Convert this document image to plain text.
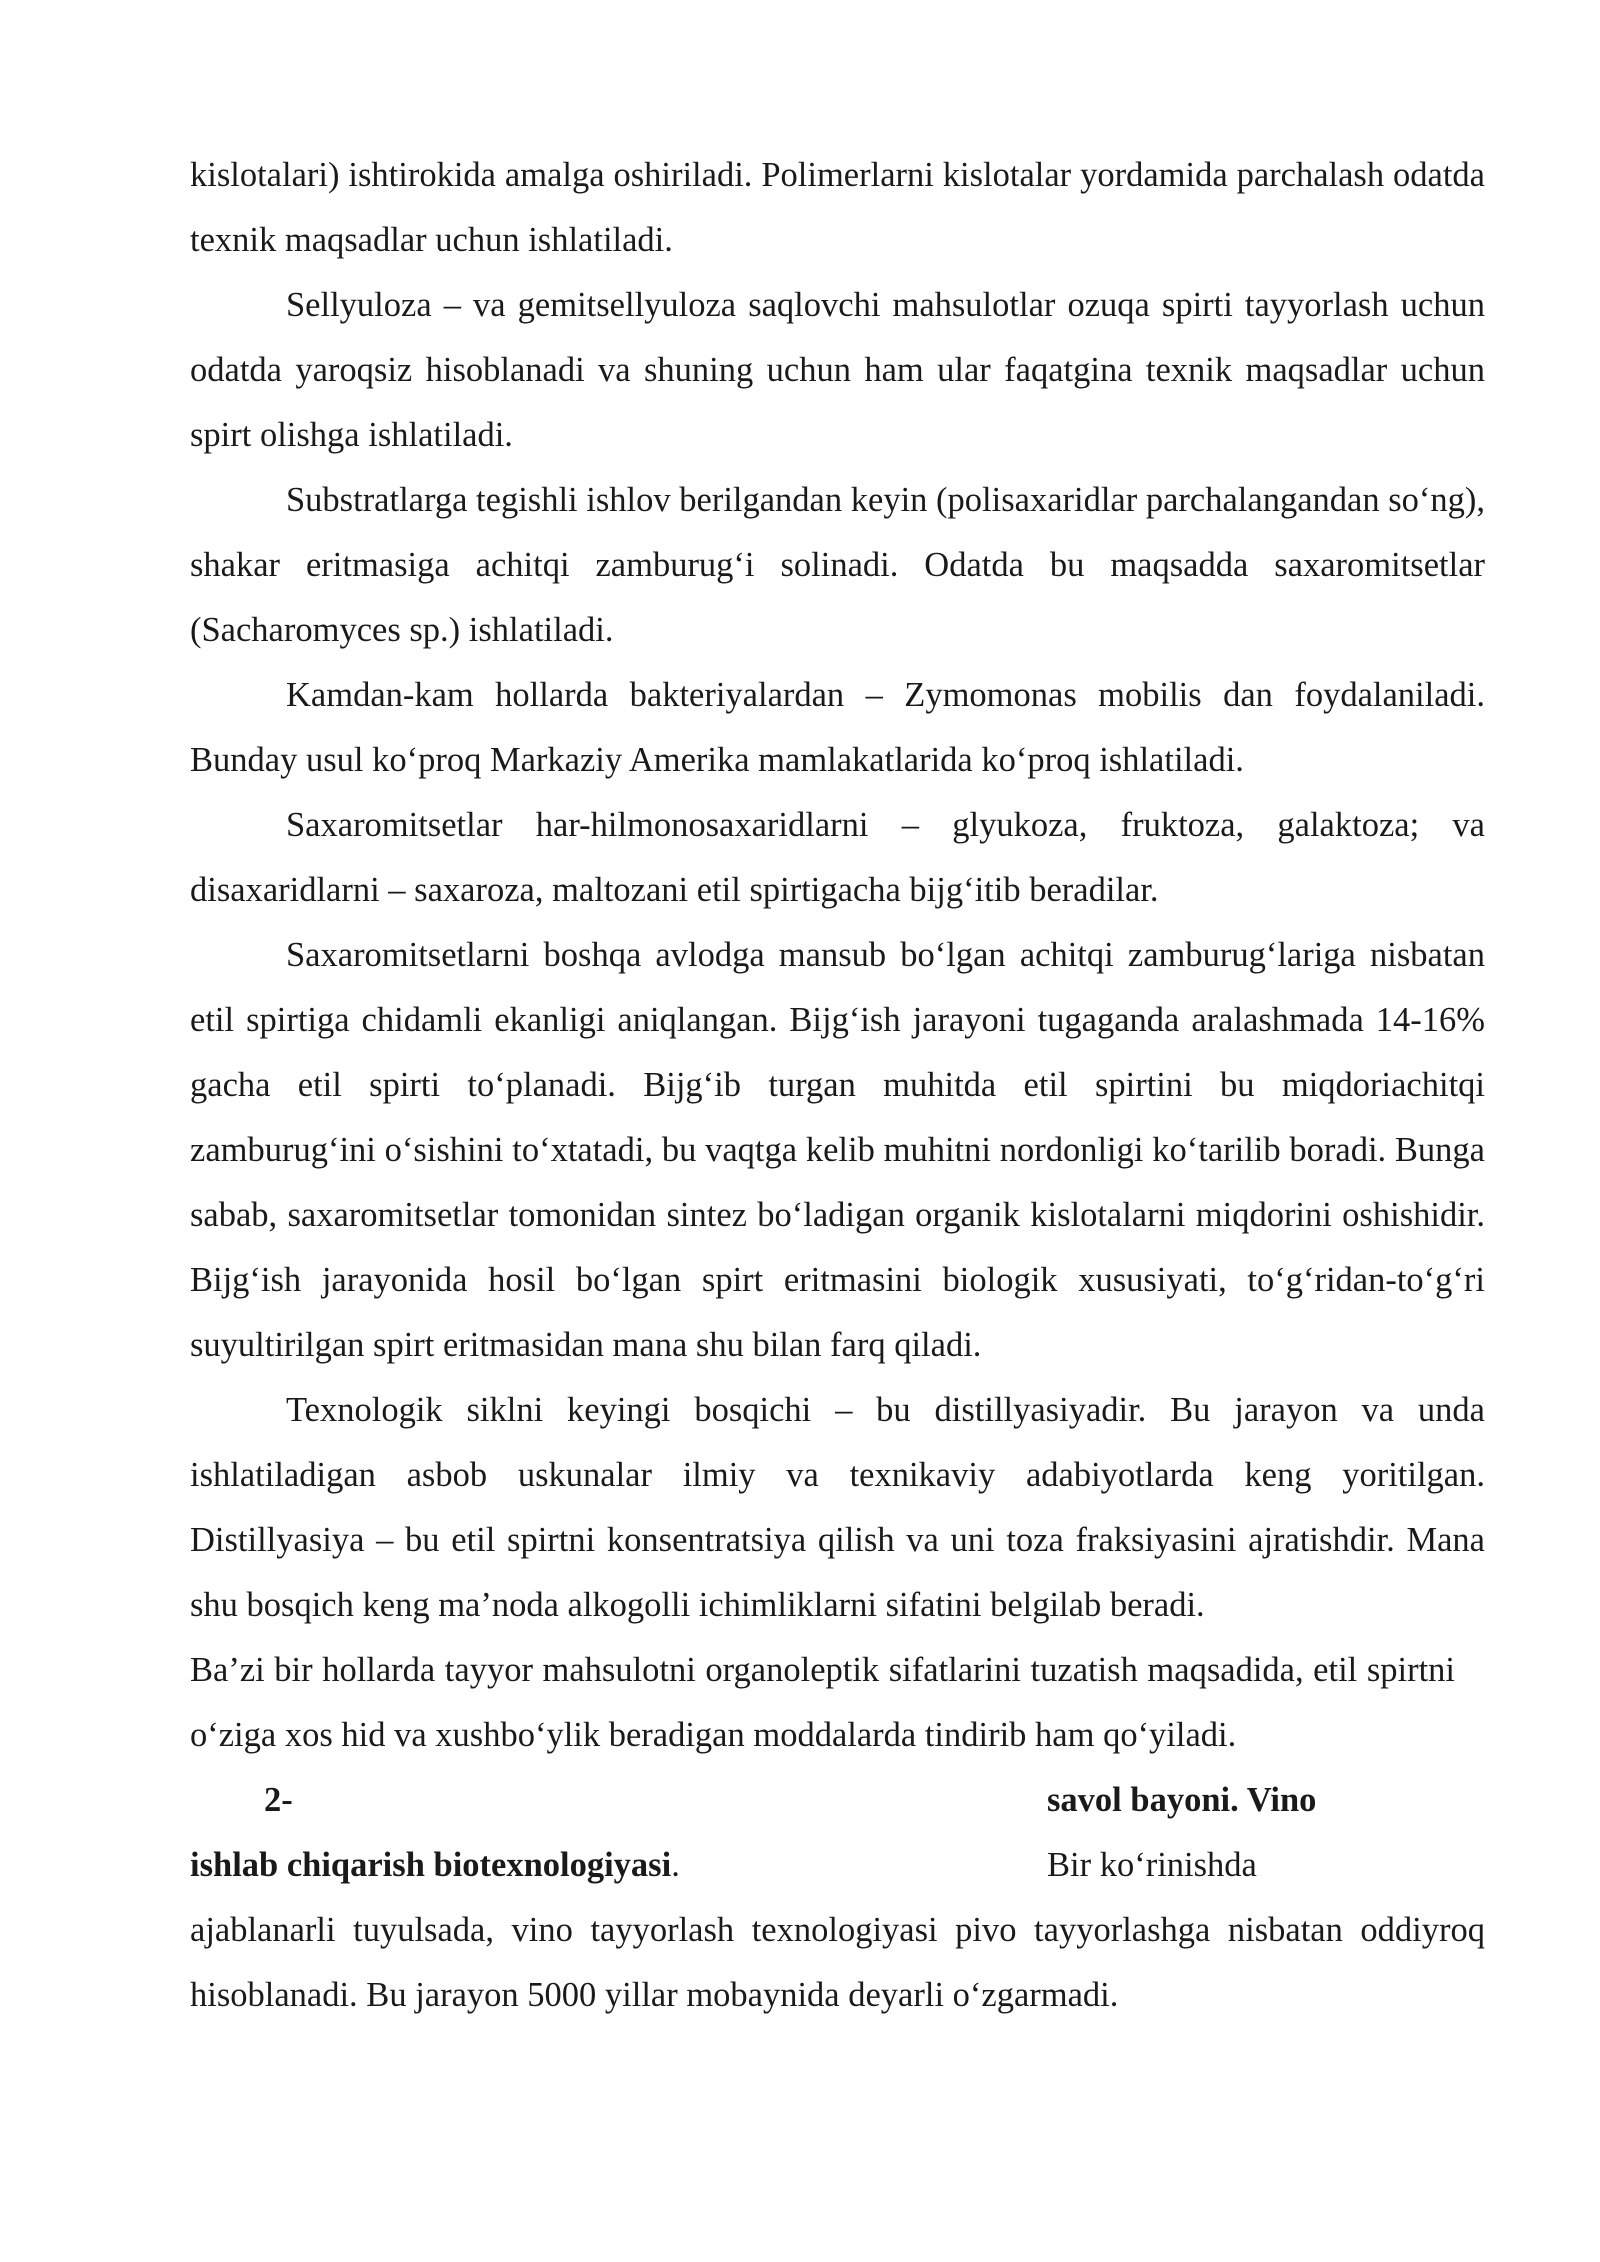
kislotalari) ishtirokida amalga oshiriladi. Polimerlarni kislotalar yordamida parchalash odatda texnik maqsadlar uchun ishlatiladi.

Sellyuloza – va gemitsellyuloza saqlovchi mahsulotlar ozuqa spirti tayyorlash uchun odatda yaroqsiz hisoblanadi va shuning uchun ham ular faqatgina texnik maqsadlar uchun spirt olishga ishlatiladi.

Substratlarga tegishli ishlov berilgandan keyin (polisaxaridlar parchalangandan so‘ng), shakar eritmasiga achitqi zamburug‘i solinadi. Odatda bu maqsadda saxaromitsetlar (Sacharomyces sp.) ishlatiladi.

Kamdan-kam hollarda bakteriyalardan – Zymomonas mobilis dan foydalaniladi. Bunday usul ko‘proq Markaziy Amerika mamlakatlarida ko‘proq ishlatiladi.

Saxaromitsetlar har-hilmonosaxaridlarni – glyukoza, fruktoza, galaktoza; va disaxaridlarni – saxaroza, maltozani etil spirtigacha bijg‘itib beradilar.

Saxaromitsetlarni boshqa avlodga mansub bo‘lgan achitqi zamburug‘lariga nisbatan etil spirtiga chidamli ekanligi aniqlangan. Bijg‘ish jarayoni tugaganda aralashmada 14-16% gacha etil spirti to‘planadi. Bijg‘ib turgan muhitda etil spirtini bu miqdoriachitqi zamburug‘ini o‘sishini to‘xtatadi, bu vaqtga kelib muhitni nordonligi ko‘tarilib boradi. Bunga sabab, saxaromitsetlar tomonidan sintez bo‘ladigan organik kislotalarni miqdorini oshishidir. Bijg‘ish jarayonida hosil bo‘lgan spirt eritmasini biologik xususiyati, to‘g‘ridan-to‘g‘ri suyultirilgan spirt eritmasidan mana shu bilan farq qiladi.

Texnologik siklni keyingi bosqichi – bu distillyasiyadir. Bu jarayon va unda ishlatiladigan asbob uskunalar ilmiy va texnikaviy adabiyotlarda keng yoritilgan. Distillyasiya – bu etil spirtni konsentratsiya qilish va uni toza fraksiyasini ajratishdir. Mana shu bosqich keng ma’noda alkogolli ichimliklarni sifatini belgilab beradi.

Ba’zi bir hollarda tayyor mahsulotni organoleptik sifatlarini tuzatish maqsadida, etil spirtni o‘ziga xos hid va xushbo‘ylik beradigan moddalarda tindirib ham qo‘yiladi.

2-	savol bayoni. Vino
ishlab chiqarish biotexnologiyasi.	Bir ko‘rinishda

ajablanarli tuyulsada, vino tayyorlash texnologiyasi pivo tayyorlashga nisbatan oddiyroq hisoblanadi. Bu jarayon 5000 yillar mobaynida deyarli o‘zgarmadi.
